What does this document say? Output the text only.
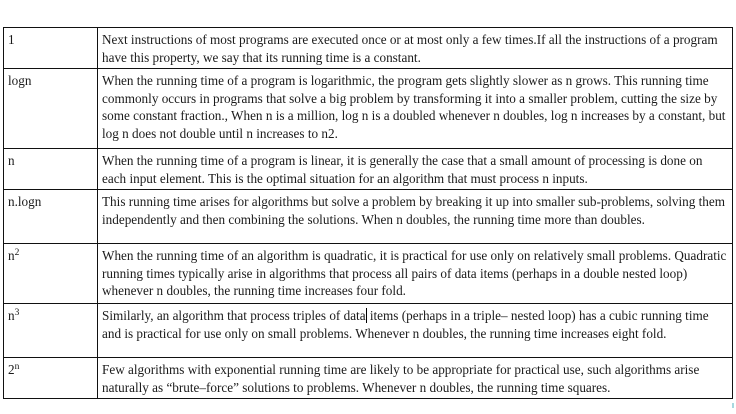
1	Next instructions of most programs are executed once or at most only a few times.If all the instructions of a program have this property, we say that its running time is a constant.
logn	When the running time of a program is logarithmic, the program gets slightly slower as n grows. This running time commonly occurs in programs that solve a big problem by transforming it into a smaller problem, cutting the size by some constant fraction., When n is a million, log n is a doubled whenever n doubles, log n increases by a constant, but log n does not double until n increases to n2.
n	When the running time of a program is linear, it is generally the case that a small amount of processing is done on each input element. This is the optimal situation for an algorithm that must process n inputs.
n.logn	This running time arises for algorithms but solve a problem by breaking it up into smaller sub-problems, solving them independently and then combining the solutions. When n doubles, the running time more than doubles.
$n^2$	When the running time of an algorithm is quadratic, it is practical for use only on relatively small problems. Quadratic running times typically arise in algorithms that process all pairs of data items (perhaps in a double nested loop) whenever n doubles, the running time increases four fold.
$n^3$	Similarly, an algorithm that process triples of data items (perhaps in a triple– nested loop) has a cubic running time and is practical for use only on small problems. Whenever n doubles, the running time increases eight fold.
2$^n$	Few algorithms with exponential running time are likely to be appropriate for practical use, such algorithms arise naturally as “brute–force” solutions to problems. Whenever n doubles, the running time squares.
